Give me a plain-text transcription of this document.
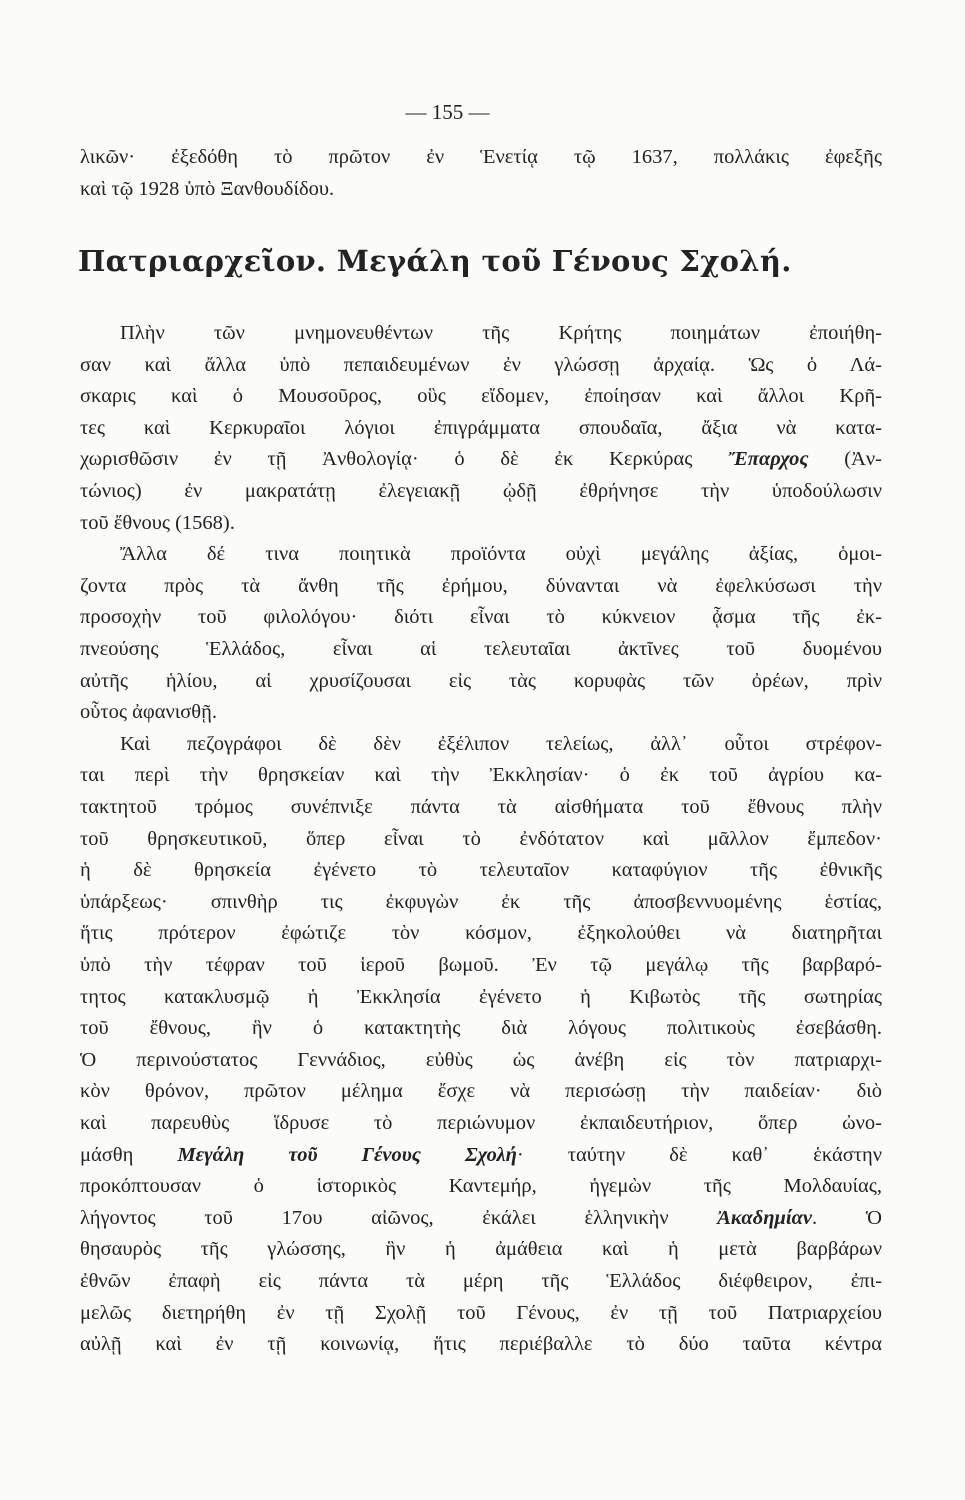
— 155 —
Πατριαρχεῖον. Μεγάλη τοῦ Γένους Σχολή.
λικῶν· ἐξεδόθη τὸ πρῶτον ἐν Ἑνετίᾳ τῷ 1637, πολλάκις ἐφεξῆς
καὶ τῷ 1928 ὑπὸ Ξανθουδίδου.
Πλὴν τῶν μνημονευθέντων τῆς Κρήτης ποιημάτων ἐποιήθη-
σαν καὶ ἄλλα ὑπὸ πεπαιδευμένων ἐν γλώσσῃ ἀρχαίᾳ. Ὡς ὁ Λά-
σκαρις καὶ ὁ Μουσοῦρος, οὓς εἴδομεν, ἐποίησαν καὶ ἄλλοι Κρῆ-
τες καὶ Κερκυραῖοι λόγιοι ἐπιγράμματα σπουδαῖα, ἄξια νὰ κατα-
χωρισθῶσιν ἐν τῇ Ἀνθολογίᾳ· ὁ δὲ ἐκ Κερκύρας Ἔπαρχος (Ἀν-
τώνιος) ἐν μακρατάτῃ ἐλεγειακῇ ᾠδῇ ἐθρήνησε τὴν ὑποδούλωσιν
τοῦ ἔθνους (1568).
Ἄλλα δέ τινα ποιητικὰ προϊόντα οὐχὶ μεγάλης ἀξίας, ὁμοι-
ζοντα πρὸς τὰ ἄνθη τῆς ἐρήμου, δύνανται νὰ ἐφελκύσωσι τὴν
προσοχὴν τοῦ φιλολόγου· διότι εἶναι τὸ κύκνειον ᾆσμα τῆς ἐκ-
πνεούσης Ἑλλάδος, εἶναι αἱ τελευταῖαι ἀκτῖνες τοῦ δυομένου
αὐτῆς ἡλίου, αἱ χρυσίζουσαι εἰς τὰς κορυφὰς τῶν ὀρέων, πρὶν
οὗτος ἀφανισθῇ.
Καὶ πεζογράφοι δὲ δὲν ἐξέλιπον τελείως, ἀλλ᾽ οὗτοι στρέφον-
ται περὶ τὴν θρησκείαν καὶ τὴν Ἐκκλησίαν· ὁ ἐκ τοῦ ἀγρίου κα-
τακτητοῦ τρόμος συνέπνιξε πάντα τὰ αἰσθήματα τοῦ ἔθνους πλὴν
τοῦ θρησκευτικοῦ, ὅπερ εἶναι τὸ ἐνδότατον καὶ μᾶλλον ἔμπεδον·
ἡ δὲ θρησκεία ἐγένετο τὸ τελευταῖον καταφύγιον τῆς ἐθνικῆς
ὑπάρξεως· σπινθὴρ τις ἐκφυγὼν ἐκ τῆς ἀποσβεννυομένης ἑστίας,
ἥτις πρότερον ἐφώτιζε τὸν κόσμον, ἐξηκολούθει νὰ διατηρῆται
ὑπὸ τὴν τέφραν τοῦ ἱεροῦ βωμοῦ. Ἐν τῷ μεγάλῳ τῆς βαρβαρό-
τητος κατακλυσμῷ ἡ Ἐκκλησία ἐγένετο ἡ Κιβωτὸς τῆς σωτηρίας
τοῦ ἔθνους, ἣν ὁ κατακτητὴς διὰ λόγους πολιτικοὺς ἐσεβάσθη.
Ὁ περινούστατος Γεννάδιος, εὐθὺς ὡς ἀνέβη εἰς τὸν πατριαρχι-
κὸν θρόνον, πρῶτον μέλημα ἔσχε νὰ περισώσῃ τὴν παιδείαν· διὸ
καὶ παρευθὺς ἵδρυσε τὸ περιώνυμον ἐκπαιδευτήριον, ὅπερ ὠνο-
μάσθη Μεγάλη τοῦ Γένους Σχολή· ταύτην δὲ καθ᾽ ἑκάστην
προκόπτουσαν ὁ ἱστορικὸς Καντεμήρ, ἡγεμὼν τῆς Μολδαυίας,
λήγοντος τοῦ 17ου αἰῶνος, ἐκάλει ἑλληνικὴν Ἀκαδημίαν. Ὁ
θησαυρὸς τῆς γλώσσης, ἣν ἡ ἀμάθεια καὶ ἡ μετὰ βαρβάρων
ἐθνῶν ἐπαφὴ εἰς πάντα τὰ μέρη τῆς Ἑλλάδος διέφθειρον, ἐπι-
μελῶς διετηρήθη ἐν τῇ Σχολῇ τοῦ Γένους, ἐν τῇ τοῦ Πατριαρχείου
αὐλῇ καὶ ἐν τῇ κοινωνίᾳ, ἥτις περιέβαλλε τὸ δύο ταῦτα κέντρα
